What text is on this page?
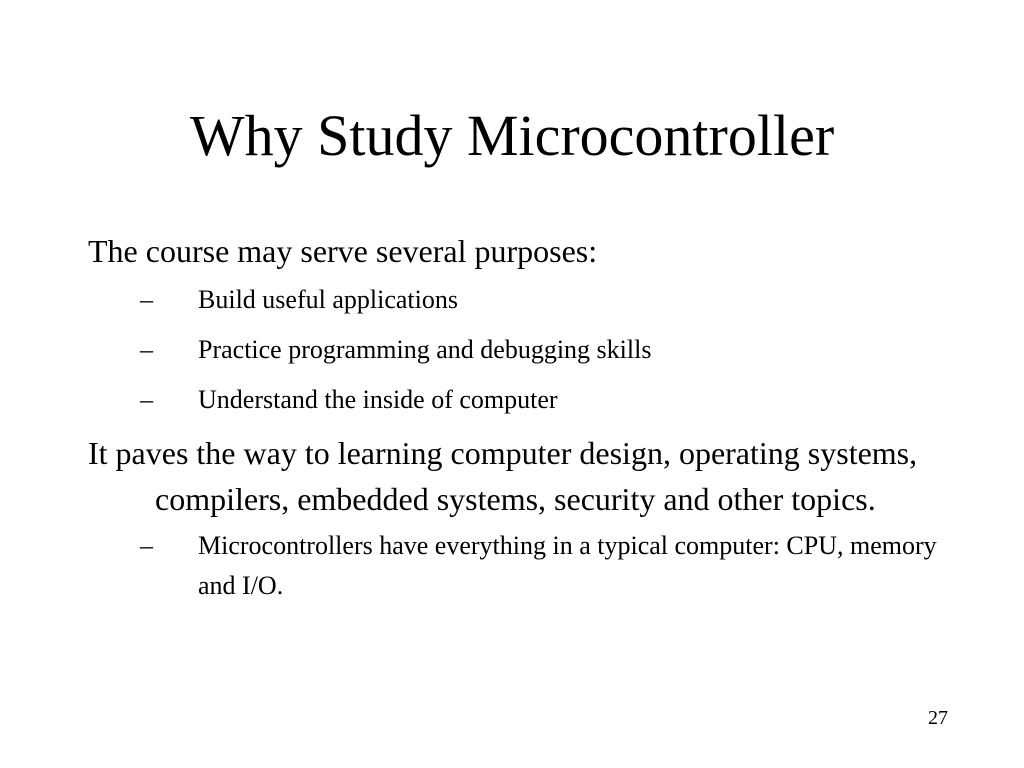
Why Study Microcontroller

The course may serve several purposes:

– Build useful applications
– Practice programming and debugging skills
– Understand the inside of computer

It paves the way to learning computer design, operating systems, compilers, embedded systems, security and other topics.

– Microcontrollers have everything in a typical computer: CPU, memory and I/O.
27
